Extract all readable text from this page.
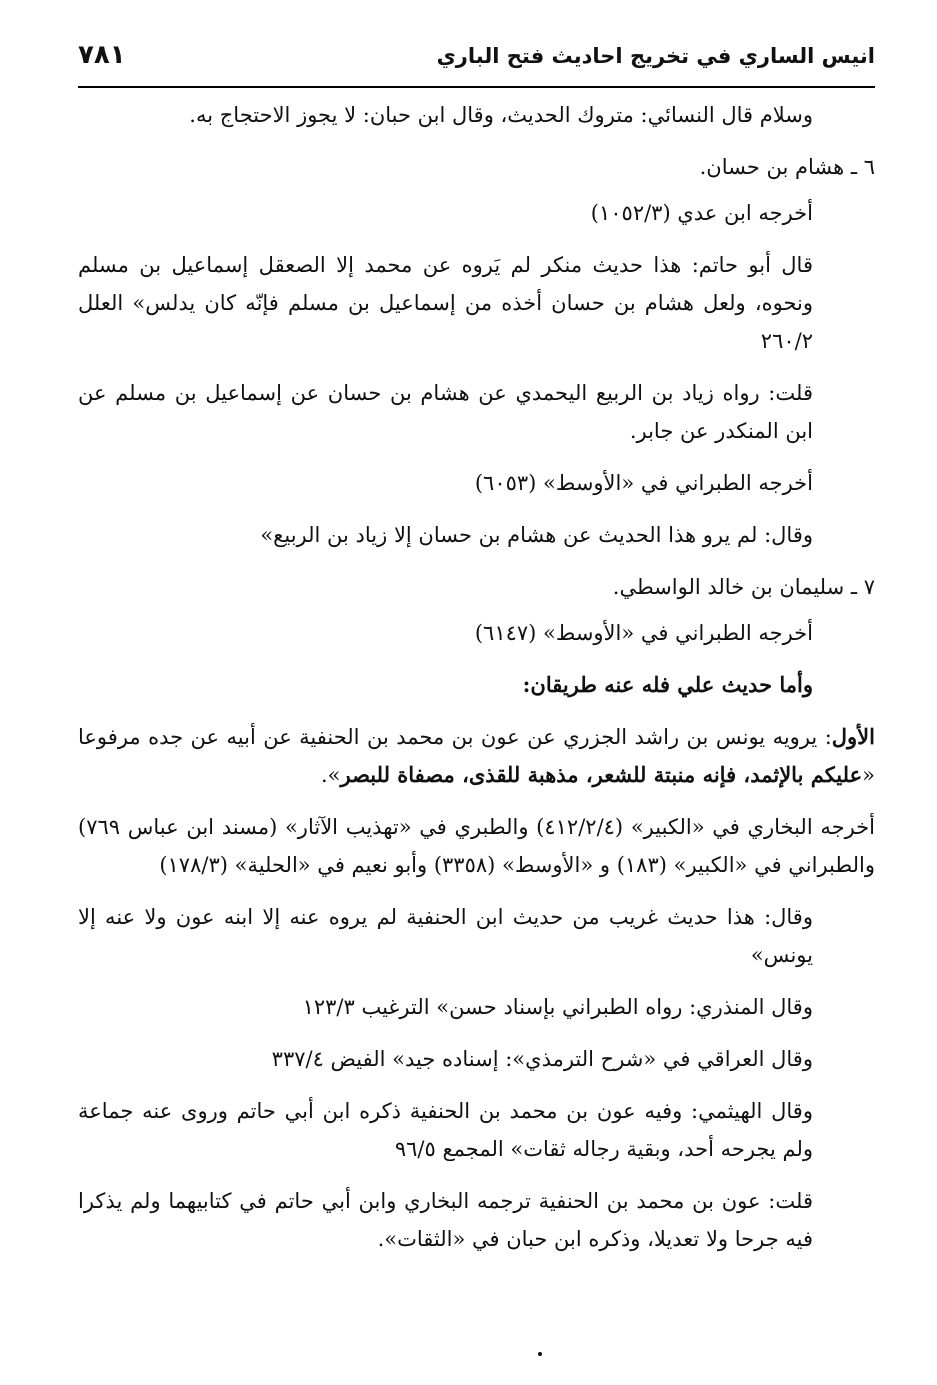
انيس الساري في تخريج احاديث فتح الباري
٧٨١

وسلام قال النسائي: متروك الحديث، وقال ابن حبان: لا يجوز الاحتجاج به.

٦ ـ هشام بن حسان.

أخرجه ابن عدي (١٠٥٢/٣)

قال أبو حاتم: هذا حديث منكر لم يَروه عن محمد إلا الصعقل إسماعيل بن مسلم ونحوه، ولعل هشام بن حسان أخذه من إسماعيل بن مسلم فإنّه كان يدلس» العلل ٢٦٠/٢

قلت: رواه زياد بن الربيع اليحمدي عن هشام بن حسان عن إسماعيل بن مسلم عن ابن المنكدر عن جابر.

أخرجه الطبراني في «الأوسط» (٦٠٥٣)

وقال: لم يرو هذا الحديث عن هشام بن حسان إلا زياد بن الربيع»

٧ ـ سليمان بن خالد الواسطي.

أخرجه الطبراني في «الأوسط» (٦١٤٧)

وأما حديث علي فله عنه طريقان:

الأول: يرويه يونس بن راشد الجزري عن عون بن محمد بن الحنفية عن أبيه عن جده مرفوعا «عليكم بالإثمد، فإنه منبتة للشعر، مذهبة للقذى، مصفاة للبصر».

أخرجه البخاري في «الكبير» (٤١٢/٢/٤) والطبري في «تهذيب الآثار» (مسند ابن عباس ٧٦٩) والطبراني في «الكبير» (١٨٣) و «الأوسط» (٣٣٥٨) وأبو نعيم في «الحلية» (١٧٨/٣)

وقال: هذا حديث غريب من حديث ابن الحنفية لم يروه عنه إلا ابنه عون ولا عنه إلا يونس»

وقال المنذري: رواه الطبراني بإسناد حسن» الترغيب ١٢٣/٣

وقال العراقي في «شرح الترمذي»: إسناده جيد» الفيض ٣٣٧/٤

وقال الهيثمي: وفيه عون بن محمد بن الحنفية ذكره ابن أبي حاتم وروى عنه جماعة ولم يجرحه أحد، وبقية رجاله ثقات» المجمع ٩٦/٥

قلت: عون بن محمد بن الحنفية ترجمه البخاري وابن أبي حاتم في كتابيهما ولم يذكرا فيه جرحا ولا تعديلا، وذكره ابن حبان في «الثقات».
